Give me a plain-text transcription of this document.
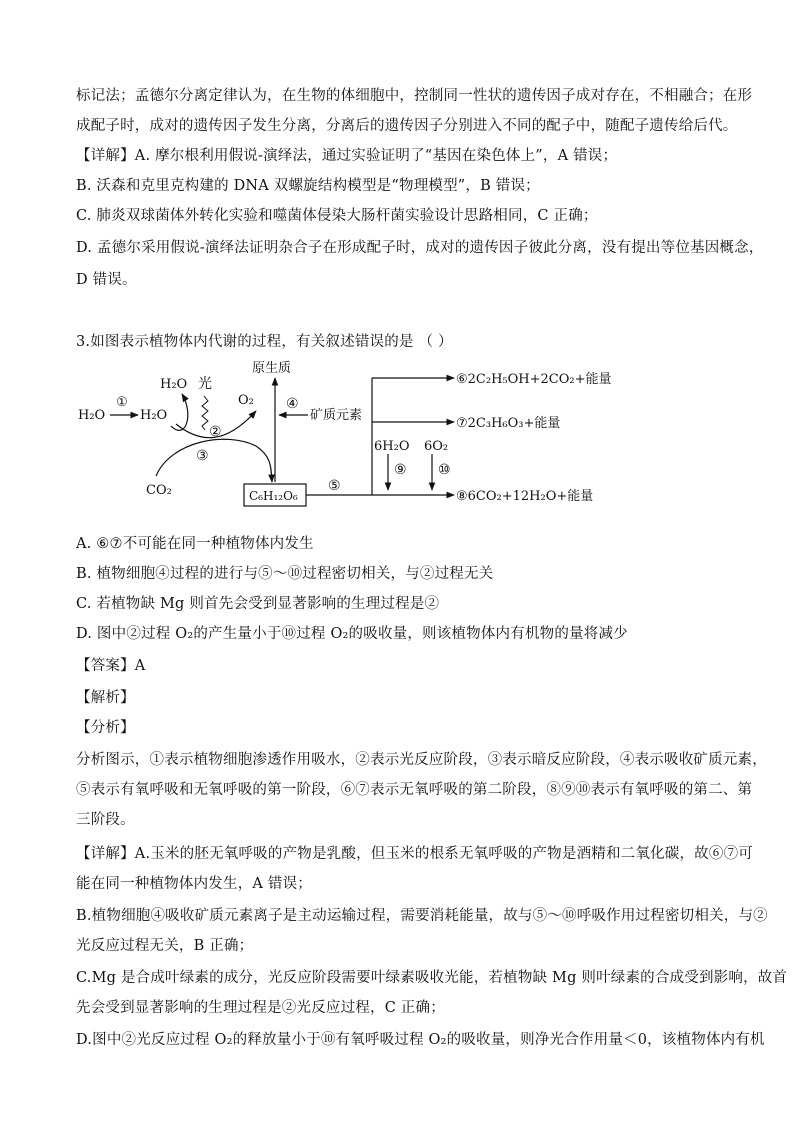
标记法；孟德尔分离定律认为，在生物的体细胞中，控制同一性状的遗传因子成对存在，不相融合；在形
成配子时，成对的遗传因子发生分离，分离后的遗传因子分别进入不同的配子中，随配子遗传给后代。
【详解】A. 摩尔根利用假说-演绎法，通过实验证明了“基因在染色体上”，A 错误；
B. 沃森和克里克构建的 DNA 双螺旋结构模型是“物理模型”，B 错误；
C. 肺炎双球菌体外转化实验和噬菌体侵染大肠杆菌实验设计思路相同，C 正确；
D. 孟德尔采用假说-演绎法证明杂合子在形成配子时，成对的遗传因子彼此分离，没有提出等位基因概念，
D 错误。
3.如图表示植物体内代谢的过程，有关叙述错误的是 （ ）
H₂O
①
H₂O
H₂O 光
O₂
②
③
CO₂	C₆H₁₂O₆
原生质
④
矿质元素
⑤
⑥2C₂H₅OH+2CO₂+能量
⑦2C₃H₆O₃+能量
⑧6CO₂+12H₂O+能量
6H₂O
⑨
6O₂
⑩
A. ⑥⑦不可能在同一种植物体内发生
B. 植物细胞④过程的进行与⑤～⑩过程密切相关，与②过程无关
C. 若植物缺 Mg 则首先会受到显著影响的生理过程是②
D. 图中②过程 O₂的产生量小于⑩过程 O₂的吸收量，则该植物体内有机物的量将减少
【答案】A
【解析】
【分析】
分析图示，①表示植物细胞渗透作用吸水，②表示光反应阶段，③表示暗反应阶段，④表示吸收矿质元素，
⑤表示有氧呼吸和无氧呼吸的第一阶段，⑥⑦表示无氧呼吸的第二阶段，⑧⑨⑩表示有氧呼吸的第二、第
三阶段。
【详解】A.玉米的胚无氧呼吸的产物是乳酸，但玉米的根系无氧呼吸的产物是酒精和二氧化碳，故⑥⑦可
能在同一种植物体内发生，A 错误；
B.植物细胞④吸收矿质元素离子是主动运输过程，需要消耗能量，故与⑤～⑩呼吸作用过程密切相关，与②
光反应过程无关，B 正确；
C.Mg 是合成叶绿素的成分，光反应阶段需要叶绿素吸收光能，若植物缺 Mg 则叶绿素的合成受到影响，故首
先会受到显著影响的生理过程是②光反应过程，C 正确；
D.图中②光反应过程 O₂的释放量小于⑩有氧呼吸过程 O₂的吸收量，则净光合作用量＜0，该植物体内有机
